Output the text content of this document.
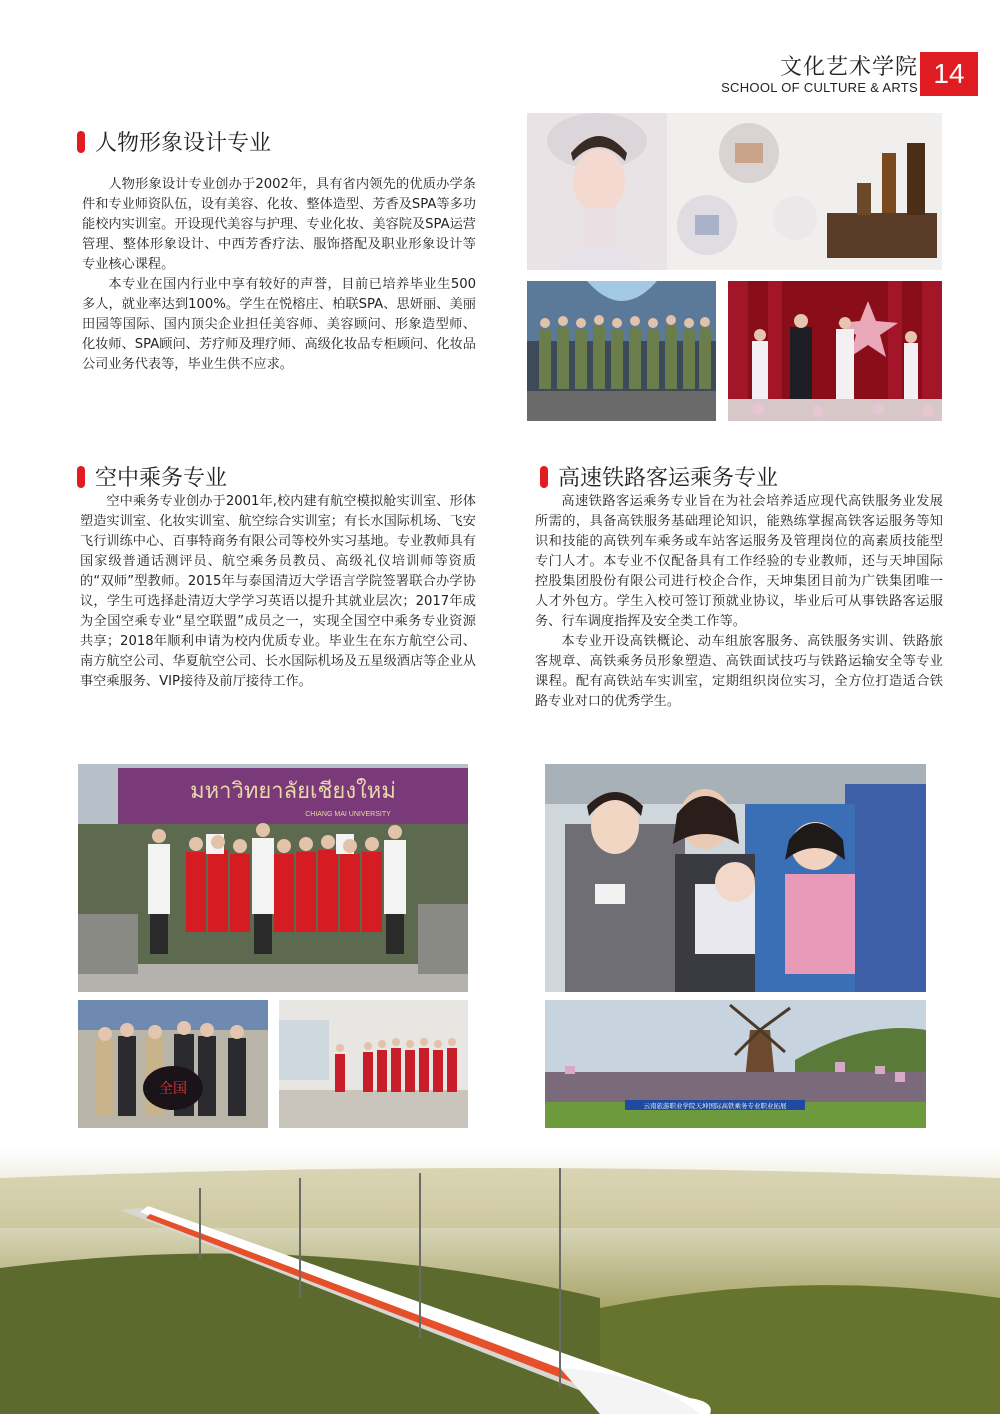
文化艺术学院
SCHOOL OF CULTURE & ARTS 14
人物形象设计专业

人物形象设计专业创办于2002年，具有省内领先的优质办学条件和专业师资队伍，设有美容、化妆、整体造型、芳香及SPA等多功能校内实训室。开设现代美容与护理、专业化妆、美容院及SPA运营管理、整体形象设计、中西芳香疗法、服饰搭配及职业形象设计等专业核心课程。

本专业在国内行业中享有较好的声誉，目前已培养毕业生500多人，就业率达到100%。学生在悦榕庄、柏联SPA、思妍丽、美丽田园等国际、国内顶尖企业担任美容师、美容顾问、形象造型师、化妆师、SPA顾问、芳疗师及理疗师、高级化妆品专柜顾问、化妆品公司业务代表等，毕业生供不应求。

空中乘务专业

空中乘务专业创办于2001年,校内建有航空模拟舱实训室、形体塑造实训室、化妆实训室、航空综合实训室；有长水国际机场、飞安飞行训练中心、百事特商务有限公司等校外实习基地。专业教师具有国家级普通话测评员、航空乘务员教员、高级礼仪培训师等资质的“双师”型教师。2015年与泰国清迈大学语言学院签署联合办学协议，学生可选择赴清迈大学学习英语以提升其就业层次；2017年成为全国空乘专业“星空联盟”成员之一，实现全国空中乘务专业资源共享；2018年顺利申请为校内优质专业。毕业生在东方航空公司、南方航空公司、华夏航空公司、长水国际机场及五星级酒店等企业从事空乘服务、VIP接待及前厅接待工作。

高速铁路客运乘务专业

高速铁路客运乘务专业旨在为社会培养适应现代高铁服务业发展所需的，具备高铁服务基础理论知识，能熟练掌握高铁客运服务等知识和技能的高铁列车乘务或车站客运服务及管理岗位的高素质技能型专门人才。本专业不仅配备具有工作经验的专业教师，还与天坤国际控股集团股份有限公司进行校企合作，天坤集团目前为广铁集团唯一人才外包方。学生入校可签订预就业协议，毕业后可从事铁路客运服务、行车调度指挥及安全类工作等。

本专业开设高铁概论、动车组旅客服务、高铁服务实训、铁路旅客规章、高铁乘务员形象塑造、高铁面试技巧与铁路运输安全等专业课程。配有高铁站车实训室，定期组织岗位实习，全方位打造适合铁路专业对口的优秀学生。

มหาวิทยาลัยเชียงใหม่
CHIANG MAI UNIVERSITY
全国
云南旅游职业学院天坤国际高铁乘务专业职业拓展
